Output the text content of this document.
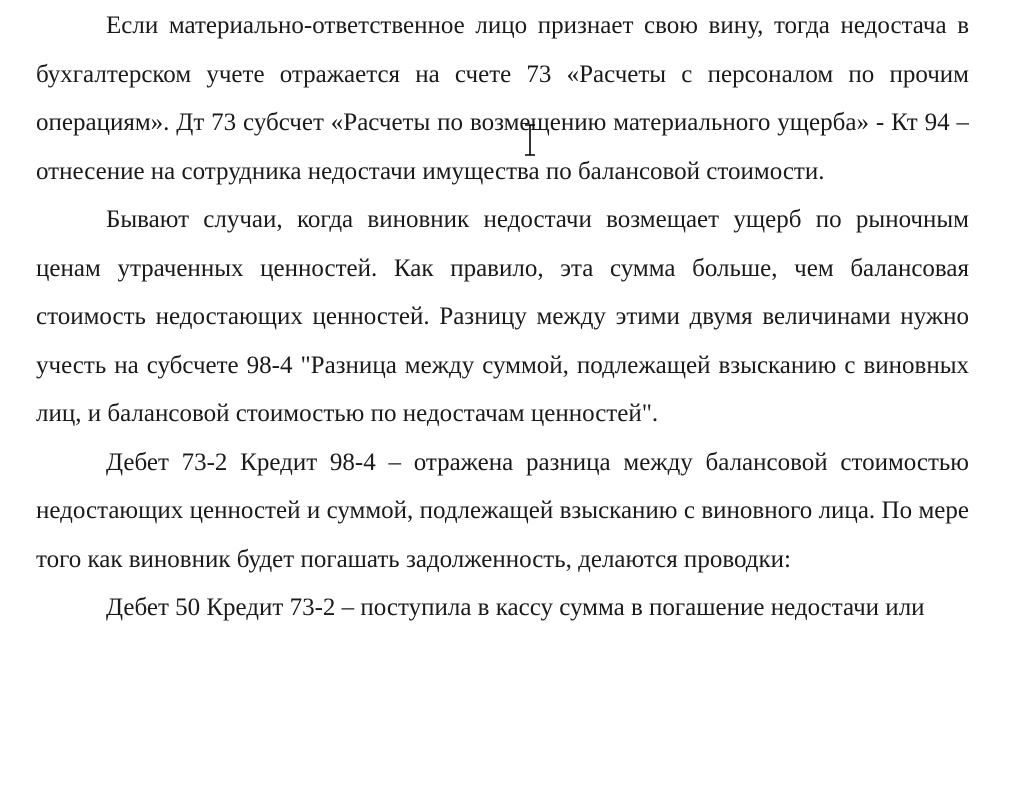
Если материально-ответственное лицо признает свою вину, тогда недостача в бухгалтерском учете отражается на счете 73 «Расчеты с персоналом по прочим операциям». Дт 73 субсчет «Расчеты по возмещению материального ущерба» - Кт 94 – отнесение на сотрудника недостачи имущества по балансовой стоимости.

Бывают случаи, когда виновник недостачи возмещает ущерб по рыночным ценам утраченных ценностей. Как правило, эта сумма больше, чем балансовая стоимость недостающих ценностей. Разницу между этими двумя величинами нужно учесть на субсчете 98-4 "Разница между суммой, подлежащей взысканию с виновных лиц, и балансовой стоимостью по недостачам ценностей".

Дебет 73-2 Кредит 98-4 – отражена разница между балансовой стоимостью недостающих ценностей и суммой, подлежащей взысканию с виновного лица. По мере того как виновник будет погашать задолженность, делаются проводки:

Дебет 50 Кредит 73-2 – поступила в кассу сумма в погашение недостачи или
